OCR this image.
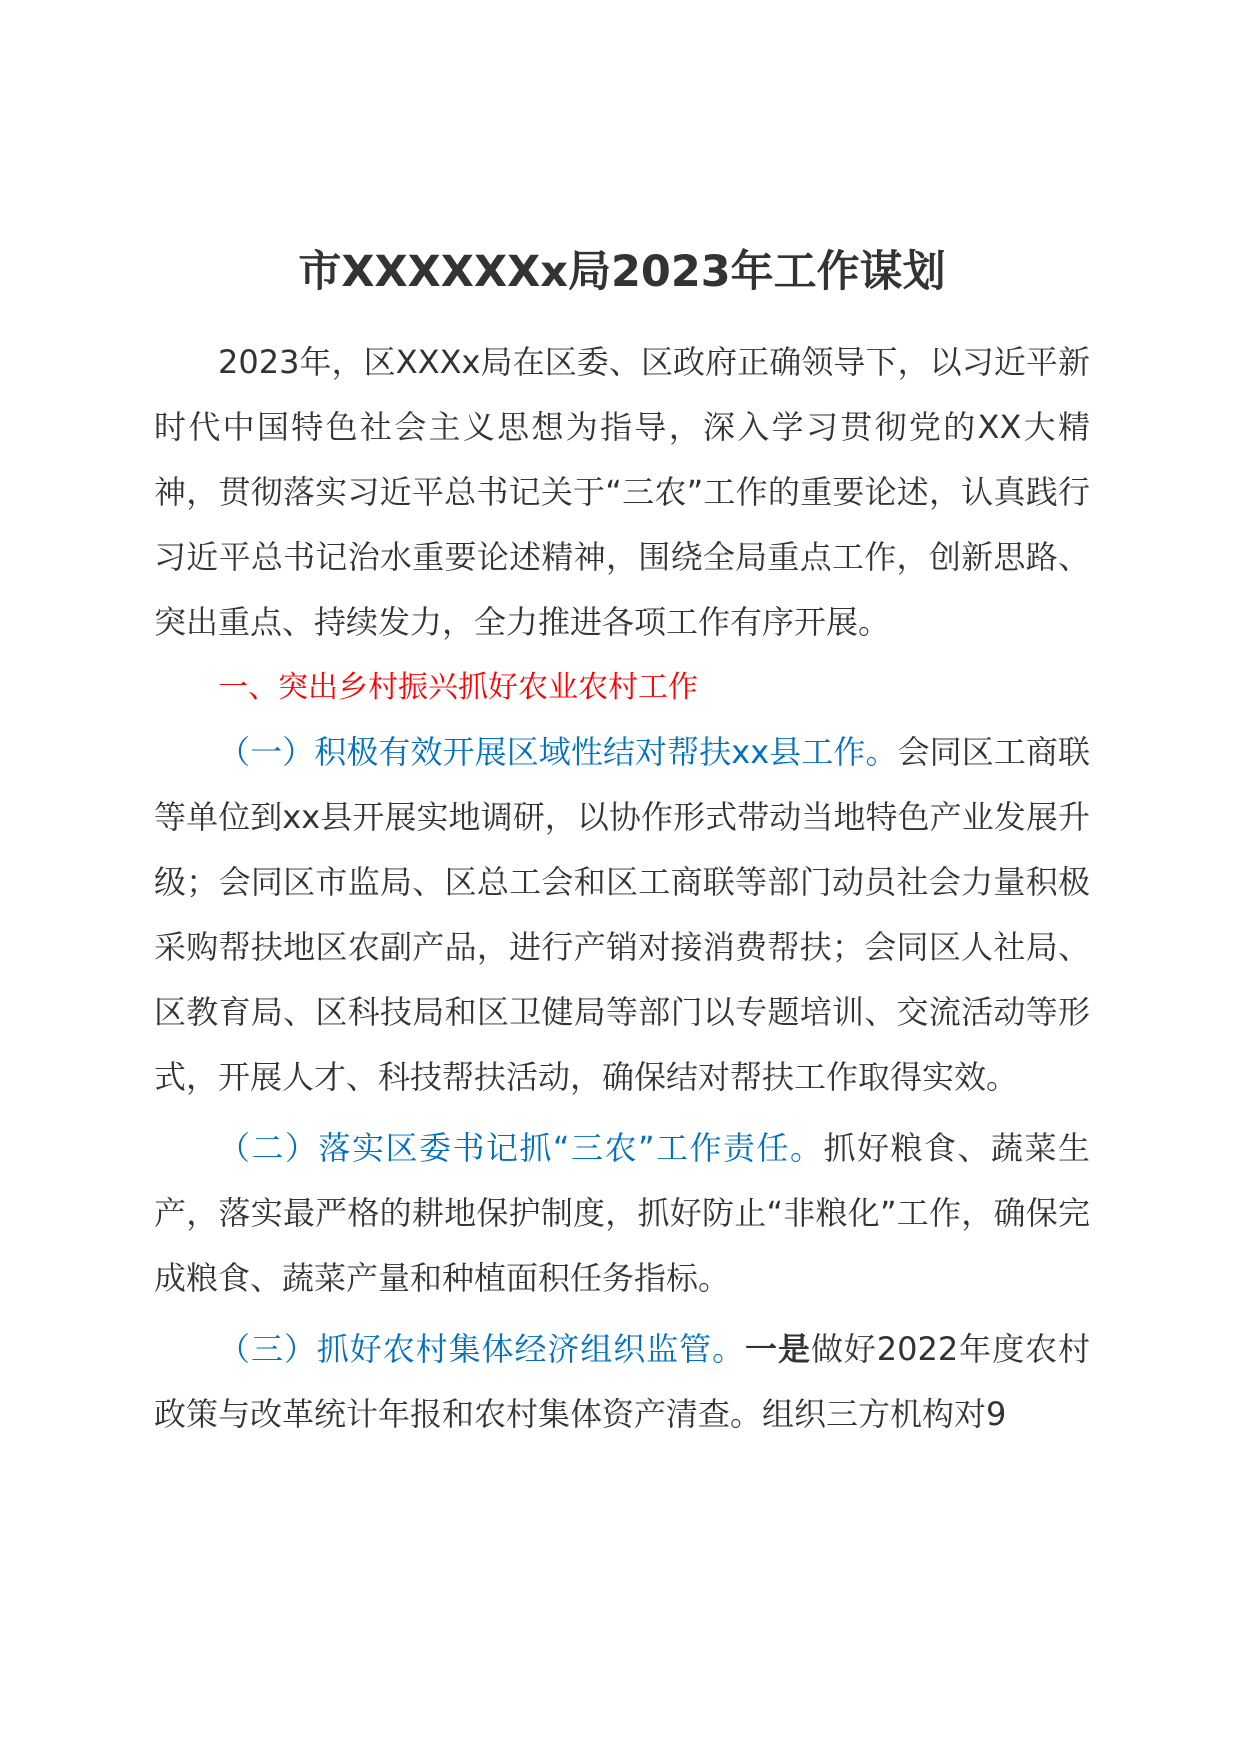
市XXXXXXx局2023年工作谋划

2023年，区XXXx局在区委、区政府正确领导下，以习近平新时代中国特色社会主义思想为指导，深入学习贯彻党的XX大精神，贯彻落实习近平总书记关于“三农”工作的重要论述，认真践行习近平总书记治水重要论述精神，围绕全局重点工作，创新思路、突出重点、持续发力，全力推进各项工作有序开展。

一、突出乡村振兴抓好农业农村工作

（一）积极有效开展区域性结对帮扶xx县工作。会同区工商联等单位到xx县开展实地调研，以协作形式带动当地特色产业发展升级；会同区市监局、区总工会和区工商联等部门动员社会力量积极采购帮扶地区农副产品，进行产销对接消费帮扶；会同区人社局、区教育局、区科技局和区卫健局等部门以专题培训、交流活动等形式，开展人才、科技帮扶活动，确保结对帮扶工作取得实效。

（二）落实区委书记抓“三农”工作责任。抓好粮食、蔬菜生产，落实最严格的耕地保护制度，抓好防止“非粮化”工作，确保完成粮食、蔬菜产量和种植面积任务指标。

（三）抓好农村集体经济组织监管。一是做好2022年度农村政策与改革统计年报和农村集体资产清查。组织三方机构对9
